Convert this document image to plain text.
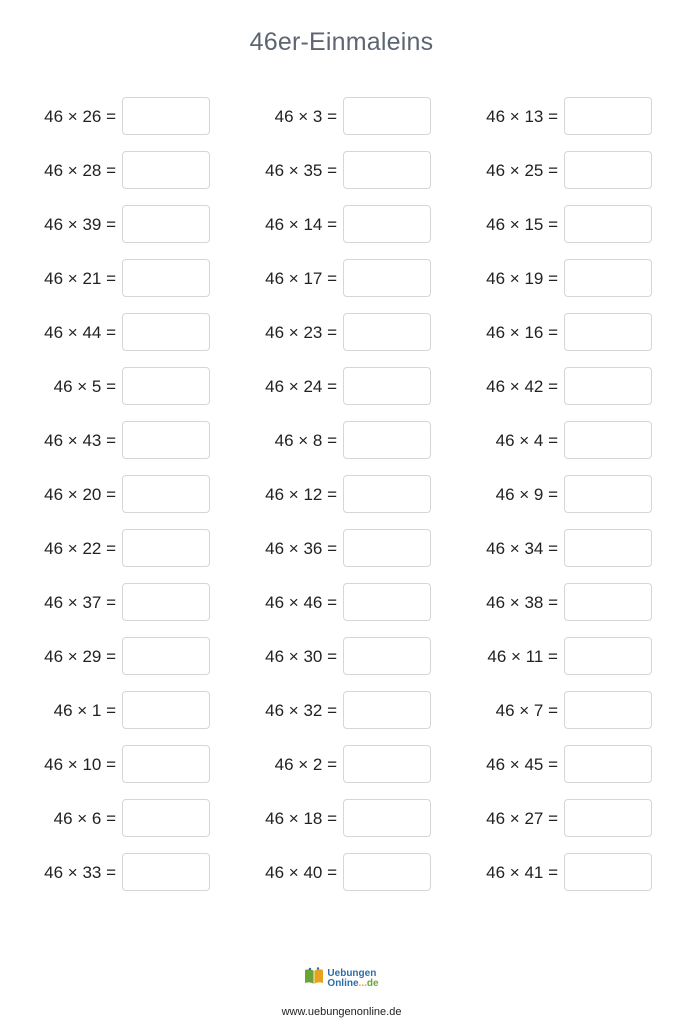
46er-Einmaleins
46 × 26 =	46 × 3 =	46 × 13 =
46 × 28 =	46 × 35 =	46 × 25 =
46 × 39 =	46 × 14 =	46 × 15 =
46 × 21 =	46 × 17 =	46 × 19 =
46 × 44 =	46 × 23 =	46 × 16 =
46 × 5 =	46 × 24 =	46 × 42 =
46 × 43 =	46 × 8 =	46 × 4 =
46 × 20 =	46 × 12 =	46 × 9 =
46 × 22 =	46 × 36 =	46 × 34 =
46 × 37 =	46 × 46 =	46 × 38 =
46 × 29 =	46 × 30 =	46 × 11 =
46 × 1 =	46 × 32 =	46 × 7 =
46 × 10 =	46 × 2 =	46 × 45 =
46 × 6 =	46 × 18 =	46 × 27 =
46 × 33 =	46 × 40 =	46 × 41 =
Uebungen
Online...de
www.uebungenonline.de
